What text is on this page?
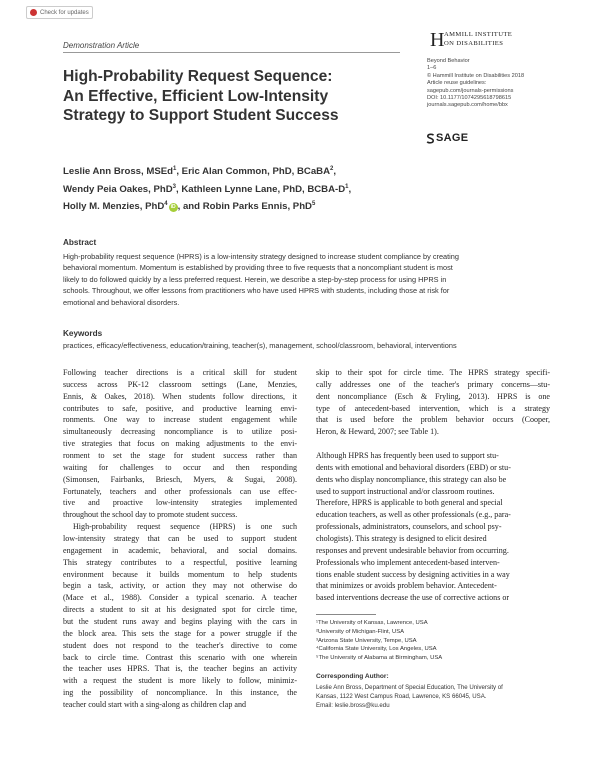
Check for updates
Demonstration Article	H AMMILL INSTITUTE
ON DISABILITIES
Beyond Behavior
1–6
© Hammill Institute on Disabilities 2018
Article reuse guidelines:
sagepub.com/journals-permissions
DOI: 10.1177/1074295618798615
journals.sagepub.com/home/bbx
SAGE
High-Probability Request Sequence:
An Effective, Efficient Low-Intensity
Strategy to Support Student Success
Leslie Ann Bross, MSEd$^1$, Eric Alan Common, PhD, BCaBA$^2$,
Wendy Peia Oakes, PhD$^3$, Kathleen Lynne Lane, PhD, BCBA-$D^1$,
Holly M. Menzies, PhD$^4$ iD , and Robin Parks Ennis, PhD$^5$
Abstract
High-probability request sequence (HPRS) is a low-intensity strategy designed to increase student compliance by creating
behavioral momentum. Momentum is established by providing three to five requests that a noncompliant student is most
likely to do followed quickly by a less preferred request. Herein, we describe a step-by-step process for using HPRS in
schools. Throughout, we offer lessons from practitioners who have used HPRS with students, including those at risk for
emotional and behavioral disorders.
Keywords
practices, efficacy/effectiveness, education/training, teacher(s), management, school/classroom, behavioral, interventions
Following teacher directions is a critical skill for student
success across PK-12 classroom settings (Lane, Menzies,
Ennis, & Oakes, 2018). When students follow directions, it
contributes to safe, positive, and productive learning envi-
ronments. One way to increase student engagement while
simultaneously decreasing noncompliance is to utilize posi-
tive strategies that focus on making adjustments to the envi-
ronment to set the stage for student success rather than
waiting for challenges to occur and then responding
(Simonsen, Fairbanks, Briesch, Myers, & Sugai, 2008).
Fortunately, teachers and other professionals can use effec-
tive and proactive low-intensity strategies implemented
throughout the school day to promote student success.
High-probability request sequence (HPRS) is one such
low-intensity strategy that can be used to support student
engagement in academic, behavioral, and social domains.
This strategy contributes to a respectful, positive learning
environment because it builds momentum to help students
begin a task, activity, or action they may not otherwise do
(Mace et al., 1988). Consider a typical scenario. A teacher
directs a student to sit at his designated spot for circle time,
but the student runs away and begins playing with the cars in
the block area. This sets the stage for a power struggle if the
student does not respond to the teacher's directive to come
back to circle time. Contrast this scenario with one wherein
the teacher uses HPRS. That is, the teacher begins an activity
with a request the student is more likely to follow, minimiz-
ing the possibility of noncompliance. In this instance, the
teacher could start with a sing-along as children clap and
skip to their spot for circle time. The HPRS strategy specifi-
cally addresses one of the teacher's primary concerns—stu-
dent noncompliance (Esch & Fryling, 2013). HPRS is one
type of antecedent-based intervention, which is a strategy
that is used before the problem behavior occurs (Cooper,
Heron, & Heward, 2007; see Table 1).
Although HPRS has frequently been used to support stu-
dents with emotional and behavioral disorders (EBD) or stu-
dents who display noncompliance, this strategy can also be
used to support instructional and/or classroom routines.
Therefore, HPRS is applicable to both general and special
education teachers, as well as other professionals (e.g., para-
professionals, administrators, counselors, and school psy-
chologists). This strategy is designed to elicit desired
responses and prevent undesirable behavior from occurring.
Professionals who implement antecedent-based interven-
tions enable student success by designing activities in a way
that minimizes or avoids problem behavior. Antecedent-
based interventions decrease the use of corrective actions or
¹The University of Kansas, Lawrence, USA
²University of Michigan-Flint, USA
³Arizona State University, Tempe, USA
⁴California State University, Los Angeles, USA
⁵The University of Alabama at Birmingham, USA
Corresponding Author:
Leslie Ann Bross, Department of Special Education, The University of
Kansas, 1122 West Campus Road, Lawrence, KS 66045, USA.
Email: leslie.bross@ku.edu
